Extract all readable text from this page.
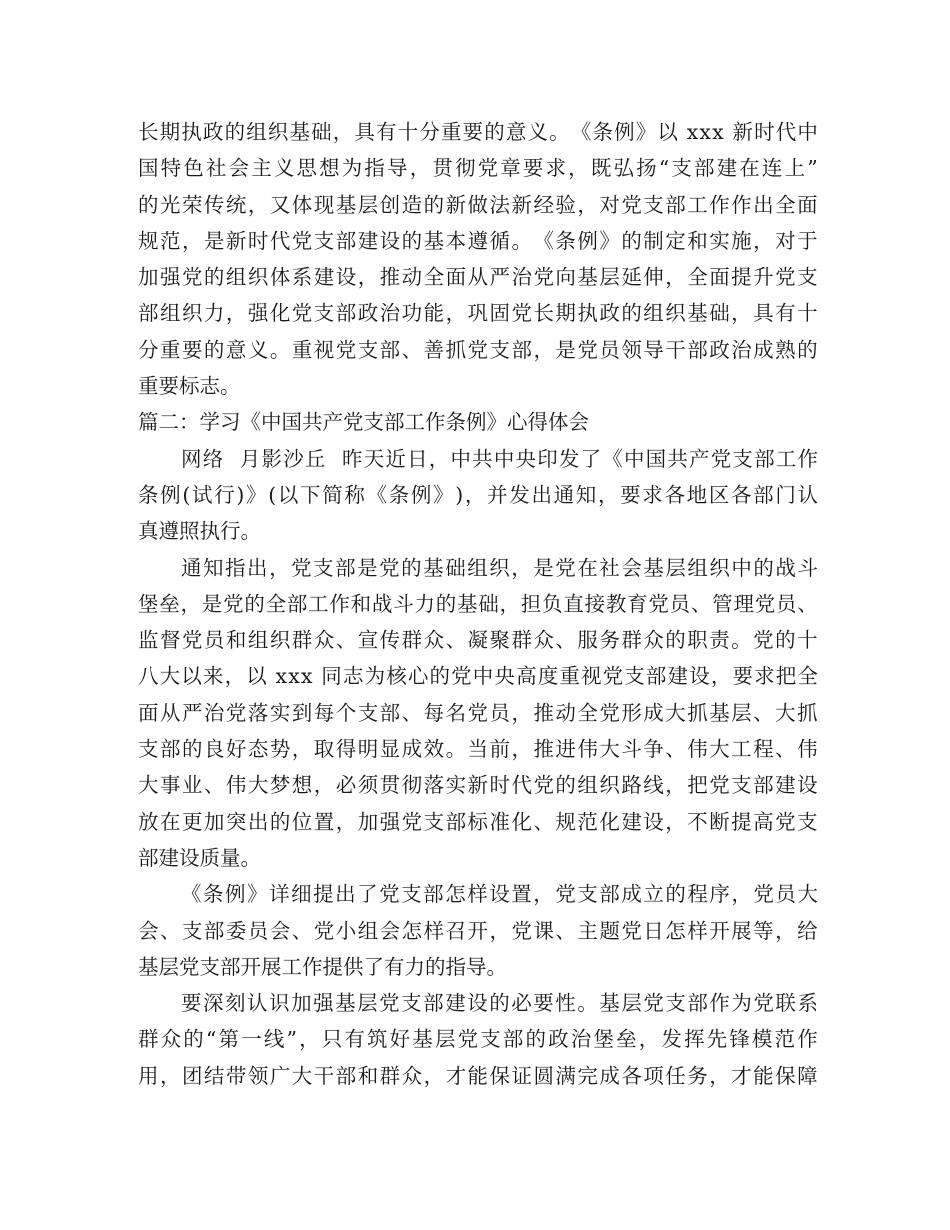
长 期 执 政 的 组 织 基 础 ， 具 有 十 分 重 要 的 意 义 。 《 条 例 》 以
x x x
新 时 代 中
国 特 色 社 会 主 义 思 想 为 指 导 ， 贯 彻 党 章 要 求 ， 既 弘 扬 “ 支 部 建 在 连 上 ”
的 光 荣 传 统 ， 又 体 现 基 层 创 造 的 新 做 法 新 经 验 ， 对 党 支 部 工 作 作 出 全 面
规 范 ， 是 新 时 代 党 支 部 建 设 的 基 本 遵 循 。 《 条 例 》 的 制 定 和 实 施 ， 对 于
加 强 党 的 组 织 体 系 建 设 ， 推 动 全 面 从 严 治 党 向 基 层 延 伸 ， 全 面 提 升 党 支
部 组 织 力 ， 强 化 党 支 部 政 治 功 能 ， 巩 固 党 长 期 执 政 的 组 织 基 础 ， 具 有 十
分 重 要 的 意 义 。 重 视 党 支 部 、 善 抓 党 支 部 ， 是 党 员 领 导 干 部 政 治 成 熟 的
重要标志。
篇二：学习《中国共产党支部工作条例》心得体会
网 络

月 影 沙 丘

昨 天 近 日 ， 中 共 中 央 印 发 了 《 中 国 共 产 党 支 部 工 作
条 例 ( 试 行 ) 》 ( 以 下 简 称 《 条 例 》 ) ， 并 发 出 通 知 ， 要 求 各 地 区 各 部 门 认
真遵照执行。
通 知 指 出 ， 党 支 部 是 党 的 基 础 组 织 ， 是 党 在 社 会 基 层 组 织 中 的 战 斗
堡 垒 ， 是 党 的 全 部 工 作 和 战 斗 力 的 基 础 ， 担 负 直 接 教 育 党 员 、 管 理 党 员 、
监 督 党 员 和 组 织 群 众 、 宣 传 群 众 、 凝 聚 群 众 、 服 务 群 众 的 职 责 。 党 的 十
八 大 以 来 ， 以
x x x
同 志 为 核 心 的 党 中 央 高 度 重 视 党 支 部 建 设 ， 要 求 把 全
面 从 严 治 党 落 实 到 每 个 支 部 、 每 名 党 员 ， 推 动 全 党 形 成 大 抓 基 层 、 大 抓
支 部 的 良 好 态 势 ， 取 得 明 显 成 效 。 当 前 ， 推 进 伟 大 斗 争 、 伟 大 工 程 、 伟
大 事 业 、 伟 大 梦 想 ， 必 须 贯 彻 落 实 新 时 代 党 的 组 织 路 线 ， 把 党 支 部 建 设
放 在 更 加 突 出 的 位 置 ， 加 强 党 支 部 标 准 化 、 规 范 化 建 设 ， 不 断 提 高 党 支
部建设质量。
《 条 例 》 详 细 提 出 了 党 支 部 怎 样 设 置 ， 党 支 部 成 立 的 程 序 ， 党 员 大
会 、 支 部 委 员 会 、 党 小 组 会 怎 样 召 开 ， 党 课 、 主 题 党 日 怎 样 开 展 等 ， 给
基层党支部开展工作提供了有力的指导。
要 深 刻 认 识 加 强 基 层 党 支 部 建 设 的 必 要 性 。 基 层 党 支 部 作 为 党 联 系
群 众 的 “ 第 一 线 ” ， 只 有 筑 好 基 层 党 支 部 的 政 治 堡 垒 ， 发 挥 先 锋 模 范 作
用 ， 团 结 带 领 广 大 干 部 和 群 众 ， 才 能 保 证 圆 满 完 成 各 项 任 务 ， 才 能 保 障
